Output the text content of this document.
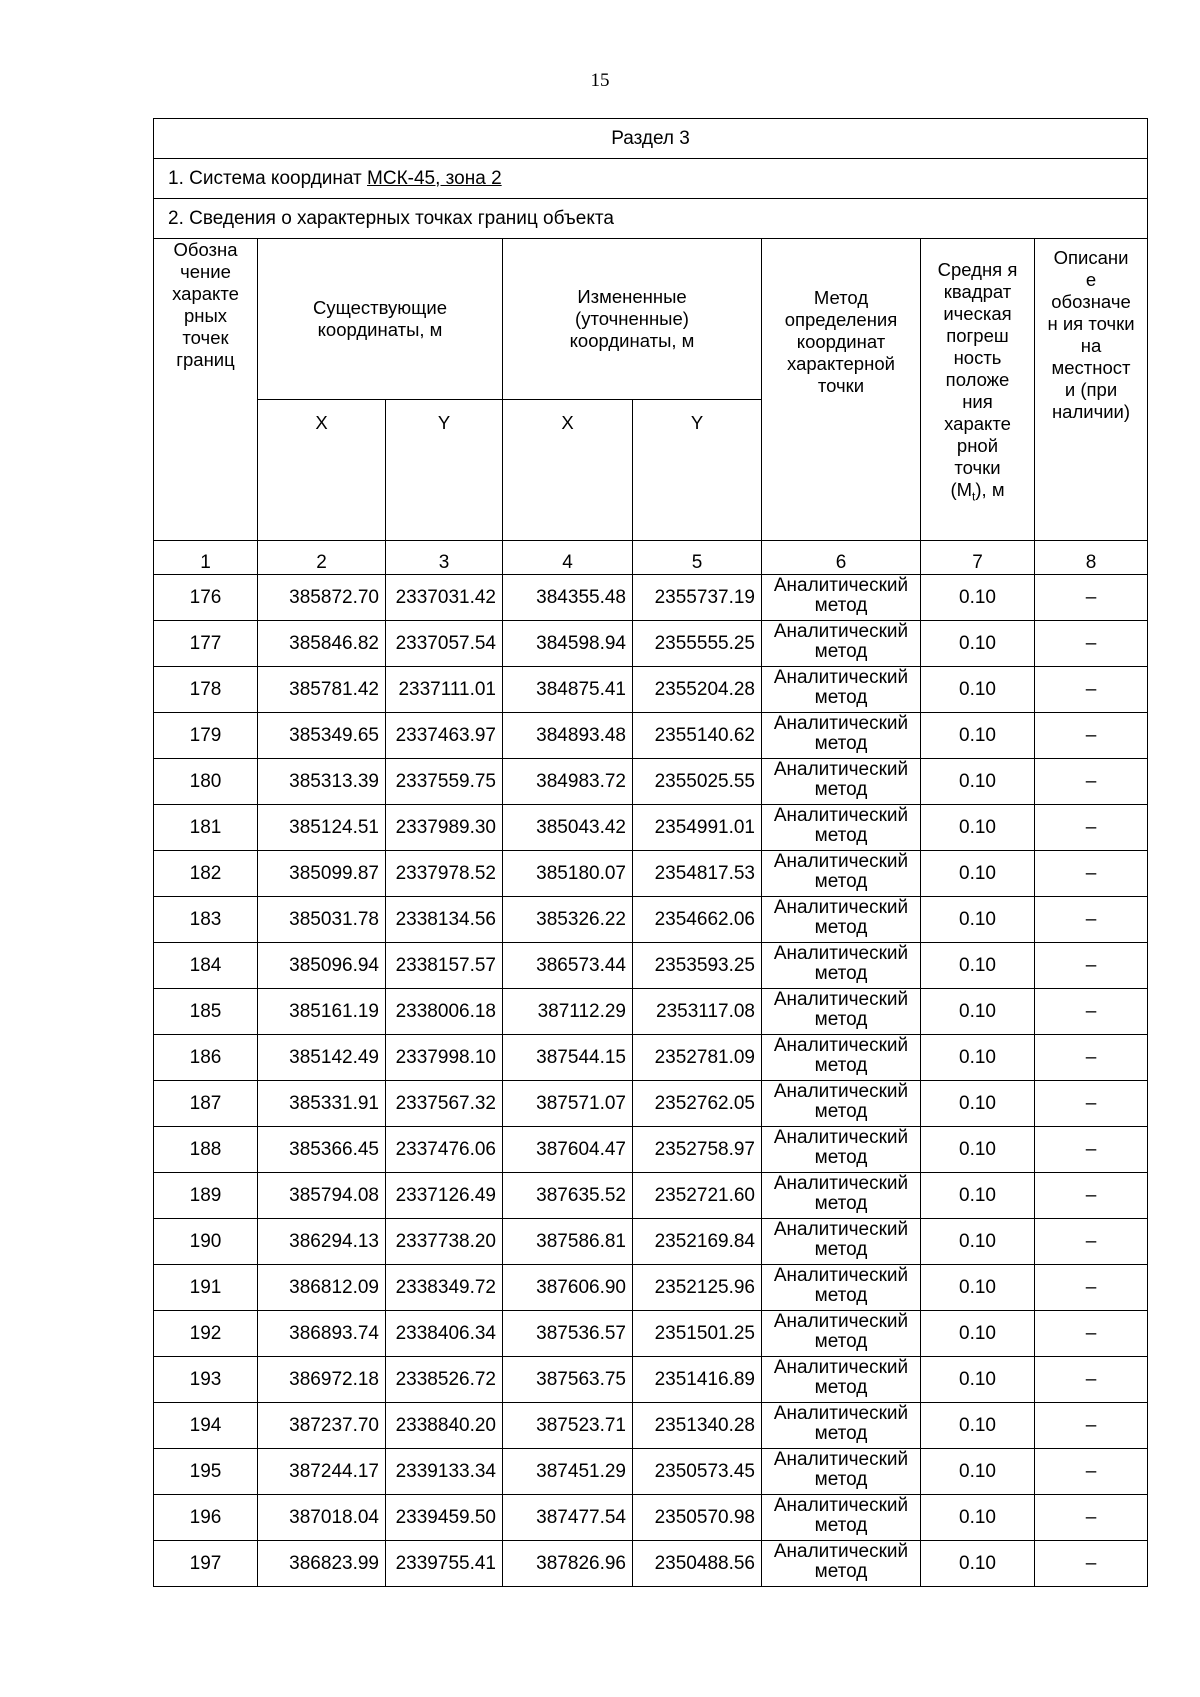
15
Раздел 3							
1. Система координат МСК-45, зона 2							
2. Сведения о характерных точках границ объекта							
Обозна чение характе рных точек границ	Существующие координаты, м		Измененные (уточненные) координаты, м		Метод определения координат характерной точки	Средня я квадрат ическая погреш ность положе ния характе рной точки $(M_t)$, м	Описани е обозначе н ия точки на местност и (при наличии)
	X	Y	X	Y			
1	2	3	4	5	6	7	8
176	385872.70	2337031.42	384355.48	2355737.19	Аналитический метод	0.10	–
177	385846.82	2337057.54	384598.94	2355555.25	Аналитический метод	0.10	–
178	385781.42	2337111.01	384875.41	2355204.28	Аналитический метод	0.10	–
179	385349.65	2337463.97	384893.48	2355140.62	Аналитический метод	0.10	–
180	385313.39	2337559.75	384983.72	2355025.55	Аналитический метод	0.10	–
181	385124.51	2337989.30	385043.42	2354991.01	Аналитический метод	0.10	–
182	385099.87	2337978.52	385180.07	2354817.53	Аналитический метод	0.10	–
183	385031.78	2338134.56	385326.22	2354662.06	Аналитический метод	0.10	–
184	385096.94	2338157.57	386573.44	2353593.25	Аналитический метод	0.10	–
185	385161.19	2338006.18	387112.29	2353117.08	Аналитический метод	0.10	–
186	385142.49	2337998.10	387544.15	2352781.09	Аналитический метод	0.10	–
187	385331.91	2337567.32	387571.07	2352762.05	Аналитический метод	0.10	–
188	385366.45	2337476.06	387604.47	2352758.97	Аналитический метод	0.10	–
189	385794.08	2337126.49	387635.52	2352721.60	Аналитический метод	0.10	–
190	386294.13	2337738.20	387586.81	2352169.84	Аналитический метод	0.10	–
191	386812.09	2338349.72	387606.90	2352125.96	Аналитический метод	0.10	–
192	386893.74	2338406.34	387536.57	2351501.25	Аналитический метод	0.10	–
193	386972.18	2338526.72	387563.75	2351416.89	Аналитический метод	0.10	–
194	387237.70	2338840.20	387523.71	2351340.28	Аналитический метод	0.10	–
195	387244.17	2339133.34	387451.29	2350573.45	Аналитический метод	0.10	–
196	387018.04	2339459.50	387477.54	2350570.98	Аналитический метод	0.10	–
197	386823.99	2339755.41	387826.96	2350488.56	Аналитический метод	0.10	–
